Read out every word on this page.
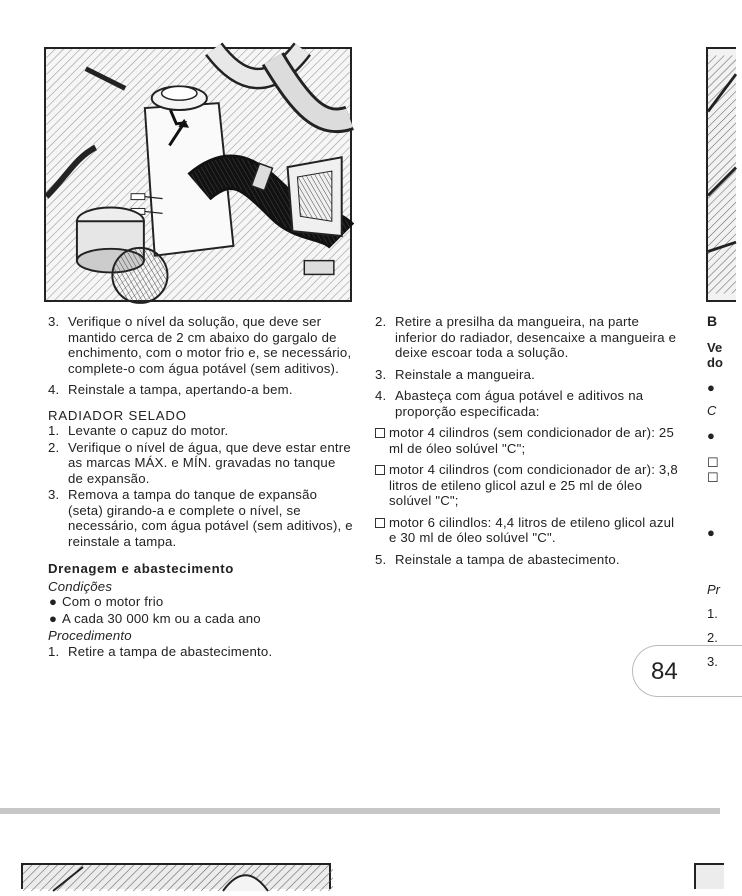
3. Verifique o nível da solução, que deve ser mantido cerca de 2 cm abaixo do gargalo de enchimento, com o motor frio e, se necessário, complete-o com água potável (sem aditivos).
4. Reinstale a tampa, apertando-a bem.
RADIADOR SELADO
1. Levante o capuz do motor.
2. Verifique o nível de água, que deve estar entre as marcas MÁX. e MÍN. gravadas no tanque de expansão.
3. Remova a tampa do tanque de expansão (seta) girando-a e complete o nível, se necessário, com água potável (sem aditivos), e reinstale a tampa.
Drenagem e abastecimento
Condições
● Com o motor frio
● A cada 30 000 km ou a cada ano
Procedimento
1. Retire a tampa de abastecimento.
2. Retire a presilha da mangueira, na parte inferior do radiador, desencaixe a mangueira e deixe escoar toda a solução.
3. Reinstale a mangueira.
4. Abasteça com água potável e aditivos na proporção especificada:
motor 4 cilindros (sem condicionador de ar): 25 ml de óleo solúvel "C";
motor 4 cilindros (com condicionador de ar): 3,8 litros de etileno glicol azul e 25 ml de óleo solúvel "C";
motor 6 cilindlos: 4,4 litros de etileno glicol azul e 30 ml de óleo solúvel "C".
5. Reinstale a tampa de abastecimento.
B
Ve
do
●
C
●
☐
☐
●
Pr
1.
2.
3.
84
